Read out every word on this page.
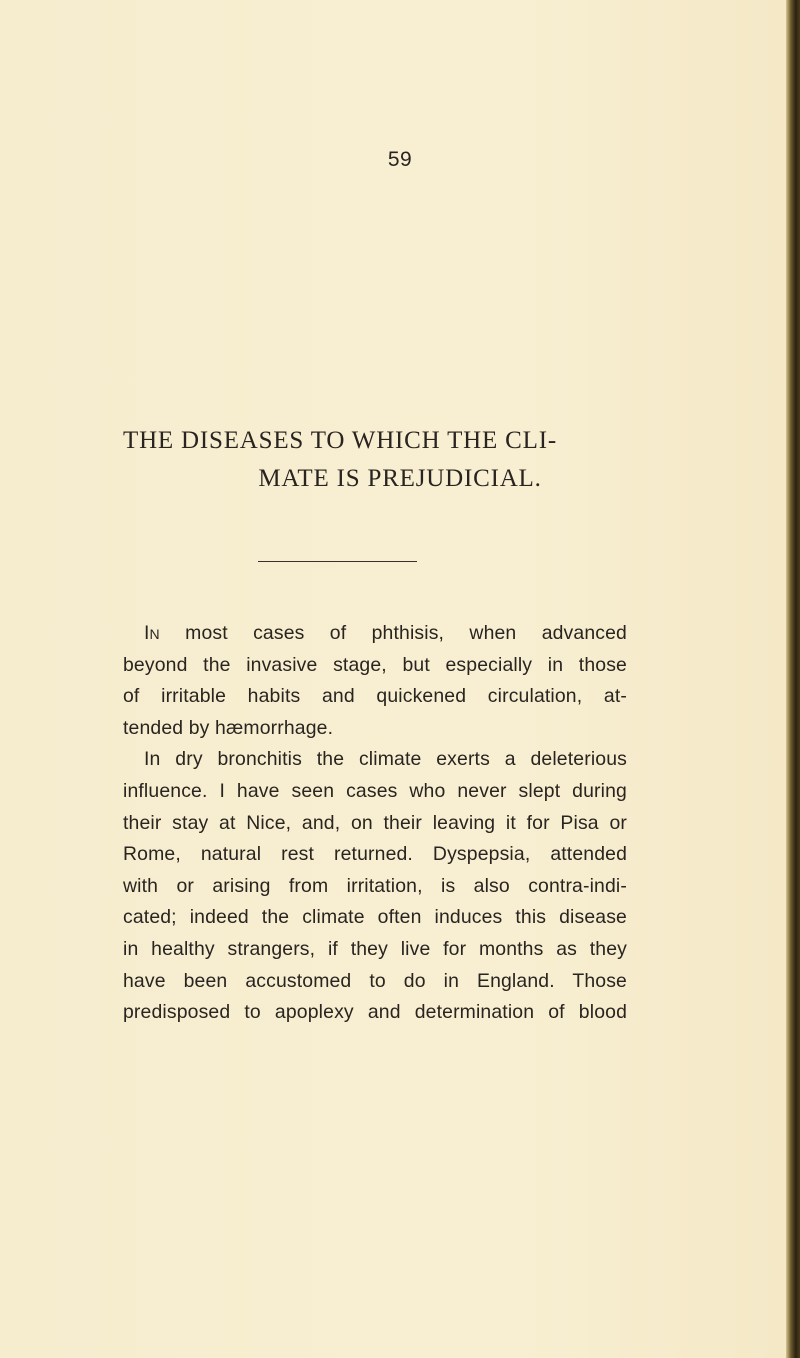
59
THE DISEASES TO WHICH THE CLI-
MATE IS PREJUDICIAL.
In most cases of phthisis, when advanced
beyond the invasive stage, but especially in those
of irritable habits and quickened circulation, at-
tended by hæmorrhage.
In dry bronchitis the climate exerts a deleterious
influence. I have seen cases who never slept during
their stay at Nice, and, on their leaving it for Pisa or
Rome, natural rest returned. Dyspepsia, attended
with or arising from irritation, is also contra-indi-
cated; indeed the climate often induces this disease
in healthy strangers, if they live for months as they
have been accustomed to do in England. Those
predisposed to apoplexy and determination of blood
